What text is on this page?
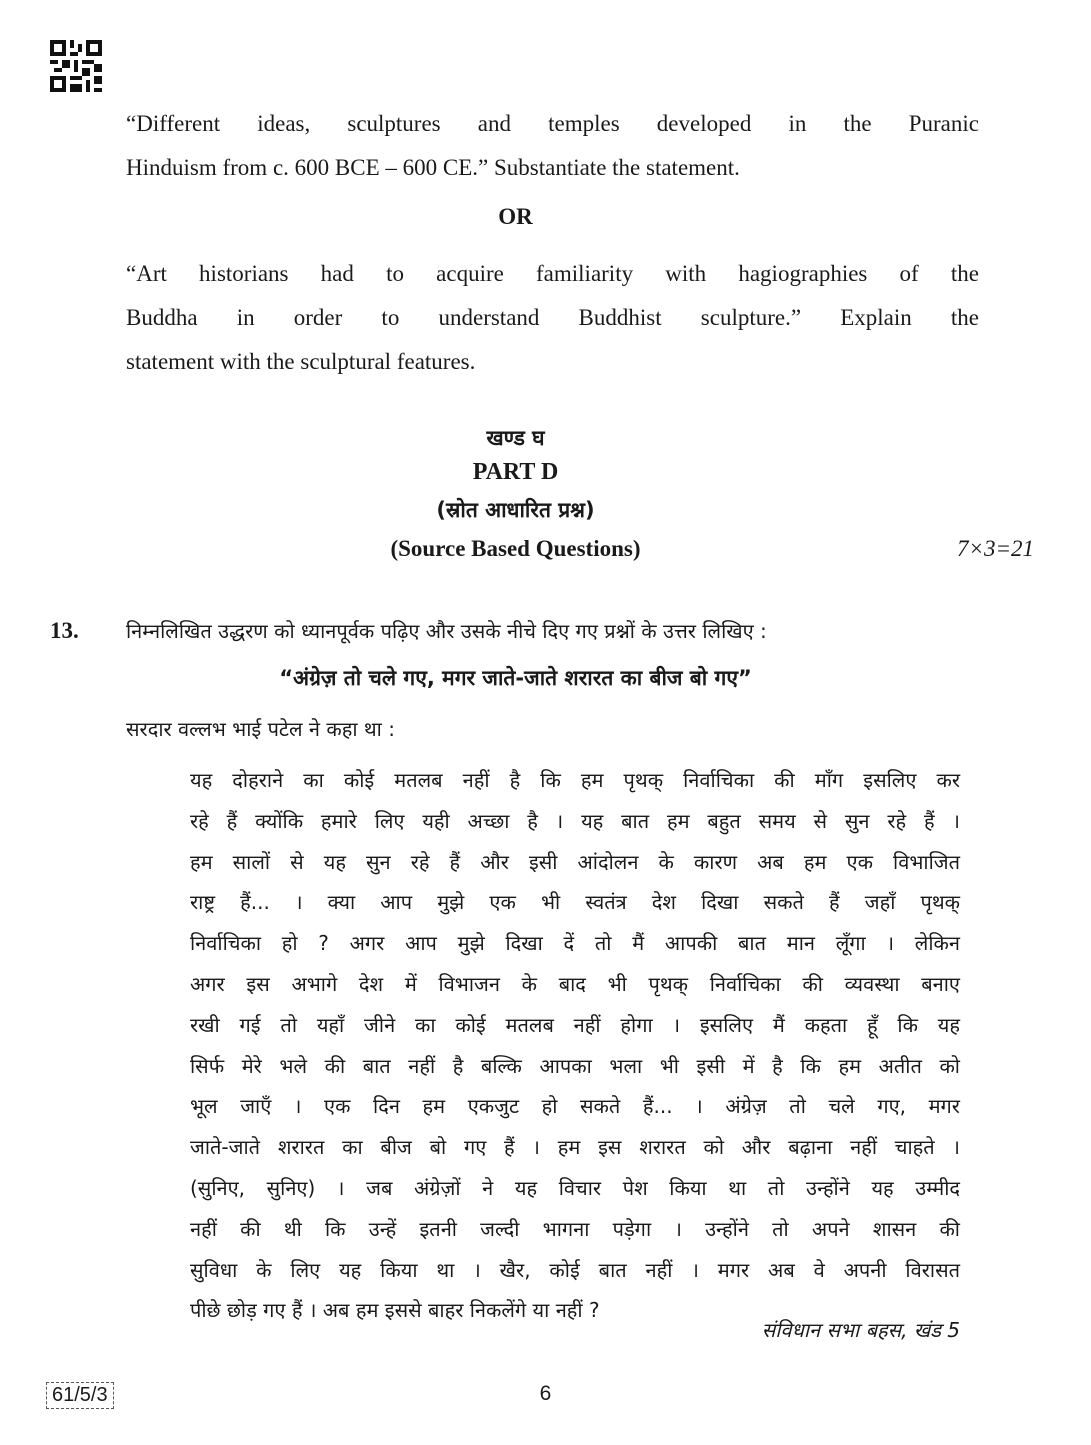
“Different ideas, sculptures and temples developed in the Puranic
Hinduism from c. 600 BCE – 600 CE.” Substantiate the statement.
OR
“Art historians had to acquire familiarity with hagiographies of the
Buddha in order to understand Buddhist sculpture.” Explain the
statement with the sculptural features.
खण्ड घ
PART D
(स्रोत आधारित प्रश्न)
(Source Based Questions)	7×3=21
13. निम्नलिखित उद्धरण को ध्यानपूर्वक पढ़िए और उसके नीचे दिए गए प्रश्नों के उत्तर लिखिए :
“अंग्रेज़ तो चले गए, मगर जाते-जाते शरारत का बीज बो गए”
सरदार वल्लभ भाई पटेल ने कहा था :
यह दोहराने का कोई मतलब नहीं है कि हम पृथक् निर्वाचिका की माँग इसलिए कर
रहे हैं क्योंकि हमारे लिए यही अच्छा है । यह बात हम बहुत समय से सुन रहे हैं ।
हम सालों से यह सुन रहे हैं और इसी आंदोलन के कारण अब हम एक विभाजित
राष्ट्र हैं... । क्या आप मुझे एक भी स्वतंत्र देश दिखा सकते हैं जहाँ पृथक्
निर्वाचिका हो ? अगर आप मुझे दिखा दें तो मैं आपकी बात मान लूँगा । लेकिन
अगर इस अभागे देश में विभाजन के बाद भी पृथक् निर्वाचिका की व्यवस्था बनाए
रखी गई तो यहाँ जीने का कोई मतलब नहीं होगा । इसलिए मैं कहता हूँ कि यह
सिर्फ मेरे भले की बात नहीं है बल्कि आपका भला भी इसी में है कि हम अतीत को
भूल जाएँ । एक दिन हम एकजुट हो सकते हैं... । अंग्रेज़ तो चले गए, मगर
जाते-जाते शरारत का बीज बो गए हैं । हम इस शरारत को और बढ़ाना नहीं चाहते ।
(सुनिए, सुनिए) । जब अंग्रेज़ों ने यह विचार पेश किया था तो उन्होंने यह उम्मीद
नहीं की थी कि उन्हें इतनी जल्दी भागना पड़ेगा । उन्होंने तो अपने शासन की
सुविधा के लिए यह किया था । खैर, कोई बात नहीं । मगर अब वे अपनी विरासत
पीछे छोड़ गए हैं । अब हम इससे बाहर निकलेंगे या नहीं ?
संविधान सभा बहस, खंड 5
61/5/3	6
